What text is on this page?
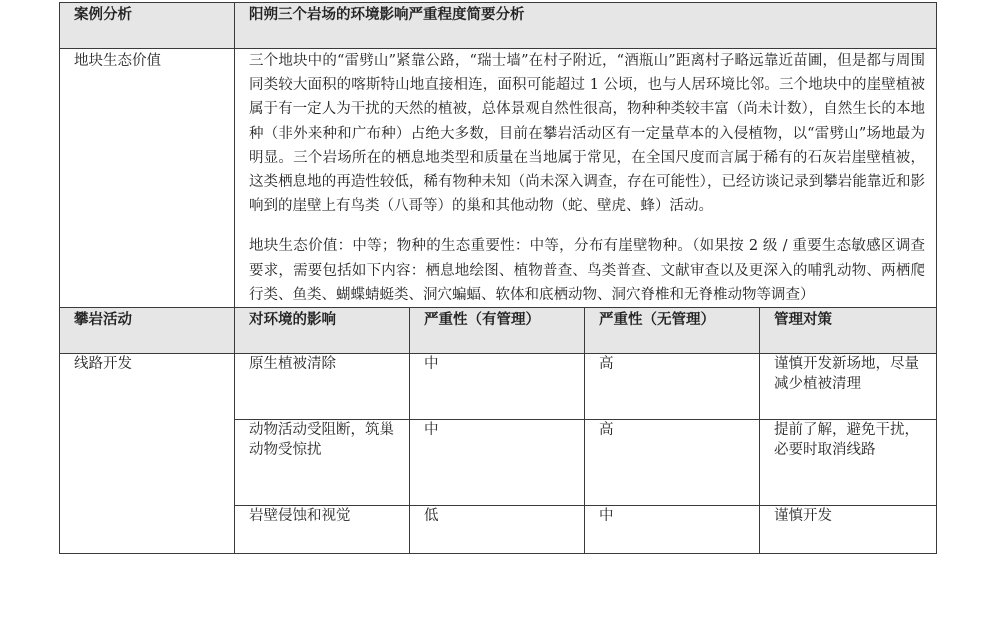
案例分析	阳朔三个岩场的环境影响严重程度简要分析			
地块生态价值	三个地块中的“雷劈山”紧靠公路，“瑞士墙”在村子附近，“酒瓶山”距离村子略远靠近苗圃，但是都与周围同类较大面积的喀斯特山地直接相连，面积可能超过 1 公顷，也与人居环境比邻。三个地块中的崖壁植被属于有一定人为干扰的天然的植被，总体景观自然性很高，物种种类较丰富（尚未计数），自然生长的本地种（非外来种和广布种）占绝大多数，目前在攀岩活动区有一定量草本的入侵植物，以“雷劈山”场地最为明显。三个岩场所在的栖息地类型和质量在当地属于常见，在全国尺度而言属于稀有的石灰岩崖壁植被，这类栖息地的再造性较低，稀有物种未知（尚未深入调查，存在可能性），已经访谈记录到攀岩能靠近和影响到的崖壁上有鸟类（八哥等）的巢和其他动物（蛇、壁虎、蜂）活动。

地块生态价值：中等；物种的生态重要性：中等，分布有崖壁物种。（如果按 2 级 / 重要生态敏感区调查要求，需要包括如下内容：栖息地绘图、植物普查、鸟类普查、文献审查以及更深入的哺乳动物、两栖爬行类、鱼类、蝴蝶蜻蜓类、洞穴蝙蝠、软体和底栖动物、洞穴脊椎和无脊椎动物等调查）			

攀岩活动	对环境的影响	严重性（有管理）	严重性（无管理）	管理对策
线路开发	原生植被清除	中	高	谨慎开发新场地，尽量减少植被清理
	动物活动受阻断，筑巢动物受惊扰	中	高	提前了解，避免干扰，必要时取消线路
	岩壁侵蚀和视觉	低	中	谨慎开发
